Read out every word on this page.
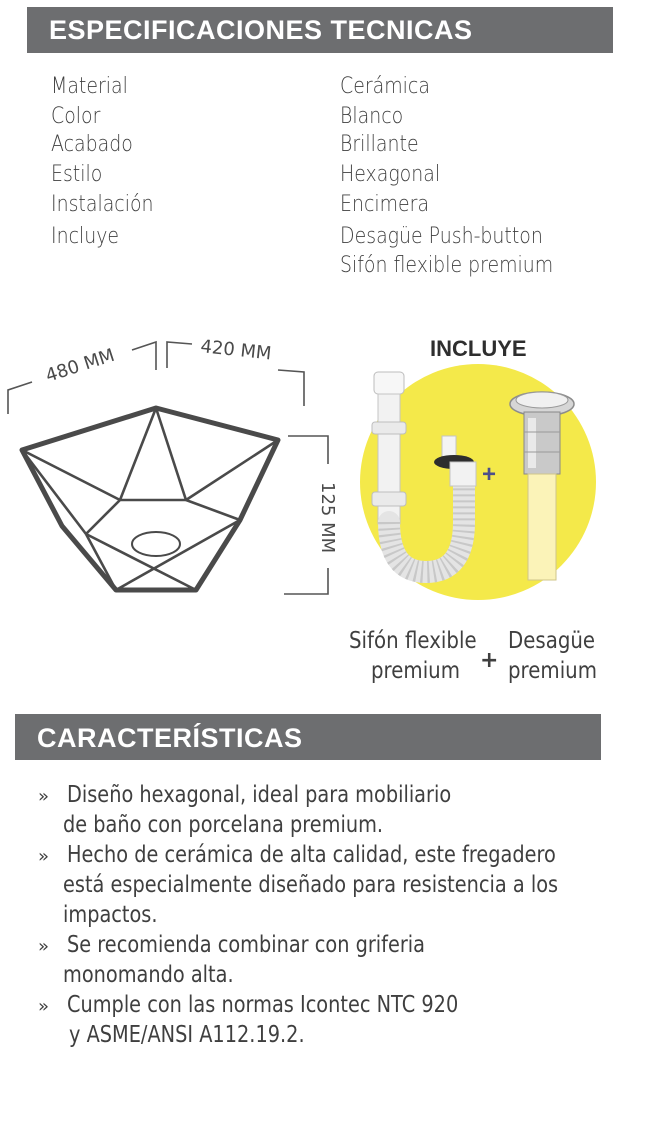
ESPECIFICACIONES TECNICAS
Material	Cerámica
Color	Blanco
Acabado	Brillante
Estilo	Hexagonal
Instalación	Encimera
Incluye	Desagüe Push-button
Sifón flexible premium
480 MM	420 MM
125 MM
INCLUYE
+
Sifón flexible
premium +
Desagüe
premium
CARACTERÍSTICAS
» Diseño hexagonal, ideal para mobiliario
de baño con porcelana premium.
» Hecho de cerámica de alta calidad, este fregadero
está especialmente diseñado para resistencia a los
impactos.
» Se recomienda combinar con griferia
monomando alta.
» Cumple con las normas Icontec NTC 920
y ASME/ANSI A112.19.2.
